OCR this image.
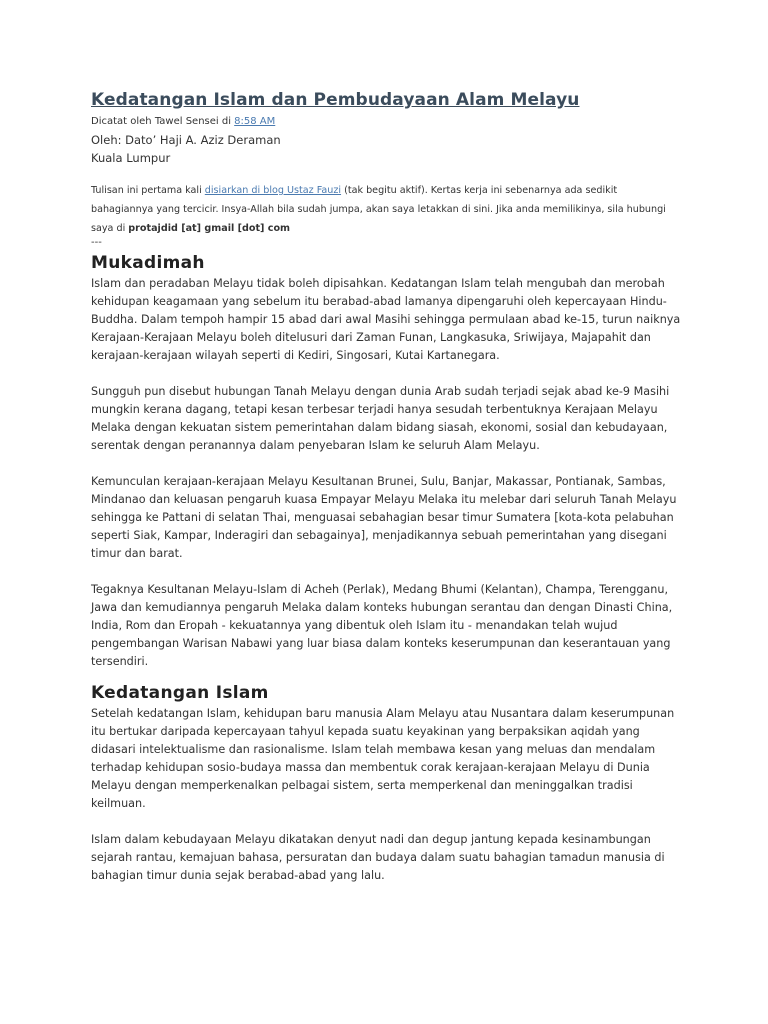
Kedatangan Islam dan Pembudayaan Alam Melayu
Dicatat oleh Tawel Sensei di 8:58 AM
Oleh: Dato’ Haji A. Aziz Deraman
Kuala Lumpur
Tulisan ini pertama kali disiarkan di blog Ustaz Fauzi (tak begitu aktif). Kertas kerja ini sebenarnya ada sedikit bahagiannya yang tercicir. Insya-Allah bila sudah jumpa, akan saya letakkan di sini. Jika anda memilikinya, sila hubungi saya di protajdid [at] gmail [dot] com
---
Mukadimah

Islam dan peradaban Melayu tidak boleh dipisahkan. Kedatangan Islam telah mengubah dan merobah kehidupan keagamaan yang sebelum itu berabad-abad lamanya dipengaruhi oleh kepercayaan Hindu-Buddha. Dalam tempoh hampir 15 abad dari awal Masihi sehingga permulaan abad ke-15, turun naiknya Kerajaan-Kerajaan Melayu boleh ditelusuri dari Zaman Funan, Langkasuka, Sriwijaya, Majapahit dan kerajaan-kerajaan wilayah seperti di Kediri, Singosari, Kutai Kartanegara.

Sungguh pun disebut hubungan Tanah Melayu dengan dunia Arab sudah terjadi sejak abad ke-9 Masihi mungkin kerana dagang, tetapi kesan terbesar terjadi hanya sesudah terbentuknya Kerajaan Melayu Melaka dengan kekuatan sistem pemerintahan dalam bidang siasah, ekonomi, sosial dan kebudayaan, serentak dengan peranannya dalam penyebaran Islam ke seluruh Alam Melayu.

Kemunculan kerajaan-kerajaan Melayu Kesultanan Brunei, Sulu, Banjar, Makassar, Pontianak, Sambas, Mindanao dan keluasan pengaruh kuasa Empayar Melayu Melaka itu melebar dari seluruh Tanah Melayu sehingga ke Pattani di selatan Thai, menguasai sebahagian besar timur Sumatera [kota-kota pelabuhan seperti Siak, Kampar, Inderagiri dan sebagainya], menjadikannya sebuah pemerintahan yang disegani timur dan barat.

Tegaknya Kesultanan Melayu-Islam di Acheh (Perlak), Medang Bhumi (Kelantan), Champa, Terengganu, Jawa dan kemudiannya pengaruh Melaka dalam konteks hubungan serantau dan dengan Dinasti China, India, Rom dan Eropah - kekuatannya yang dibentuk oleh Islam itu - menandakan telah wujud pengembangan Warisan Nabawi yang luar biasa dalam konteks keserumpunan dan keserantauan yang tersendiri.

Kedatangan Islam

Setelah kedatangan Islam, kehidupan baru manusia Alam Melayu atau Nusantara dalam keserumpunan itu bertukar daripada kepercayaan tahyul kepada suatu keyakinan yang berpaksikan aqidah yang didasari intelektualisme dan rasionalisme. Islam telah membawa kesan yang meluas dan mendalam terhadap kehidupan sosio-budaya massa dan membentuk corak kerajaan-kerajaan Melayu di Dunia Melayu dengan memperkenalkan pelbagai sistem, serta memperkenal dan meninggalkan tradisi keilmuan.

Islam dalam kebudayaan Melayu dikatakan denyut nadi dan degup jantung kepada kesinambungan sejarah rantau, kemajuan bahasa, persuratan dan budaya dalam suatu bahagian tamadun manusia di bahagian timur dunia sejak berabad-abad yang lalu.
